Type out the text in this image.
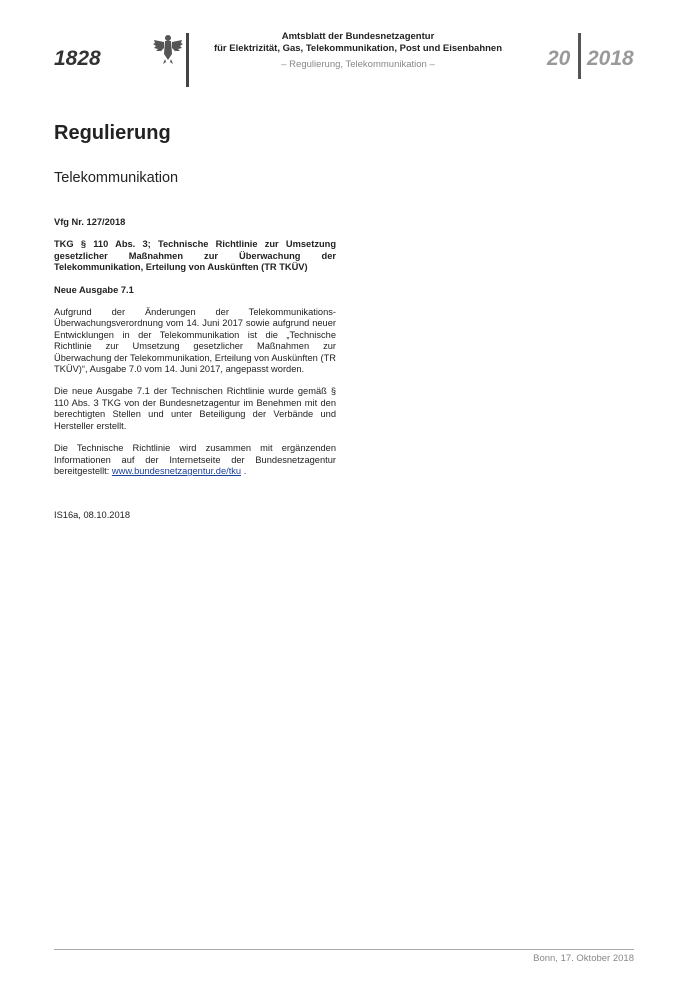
1828
Amtsblatt der Bundesnetzagentur
für Elektrizität, Gas, Telekommunikation, Post und Eisenbahnen
– Regulierung, Telekommunikation –	20 2018
Regulierung
Telekommunikation

Vfg Nr. 127/2018

TKG § 110 Abs. 3; Technische Richtlinie zur Umsetzung gesetzlicher Maßnahmen zur Überwachung der Telekommunikation, Erteilung von Auskünften (TR TKÜV)

Neue Ausgabe 7.1

Aufgrund der Änderungen der Telekommunikations-Überwachungsverordnung vom 14. Juni 2017 sowie aufgrund neuer Entwicklungen in der Telekommunikation ist die „Technische Richtlinie zur Umsetzung gesetzlicher Maßnahmen zur Überwachung der Telekommunikation, Erteilung von Auskünften (TR TKÜV)“, Ausgabe 7.0 vom 14. Juni 2017, angepasst worden.

Die neue Ausgabe 7.1 der Technischen Richtlinie wurde gemäß § 110 Abs. 3 TKG von der Bundesnetzagentur im Benehmen mit den berechtigten Stellen und unter Beteiligung der Verbände und Hersteller erstellt.

Die Technische Richtlinie wird zusammen mit ergänzenden Informationen auf der Internetseite der Bundesnetzagentur bereitgestellt: www.bundesnetzagentur.de/tku .

IS16a, 08.10.2018

Bonn, 17. Oktober 2018
